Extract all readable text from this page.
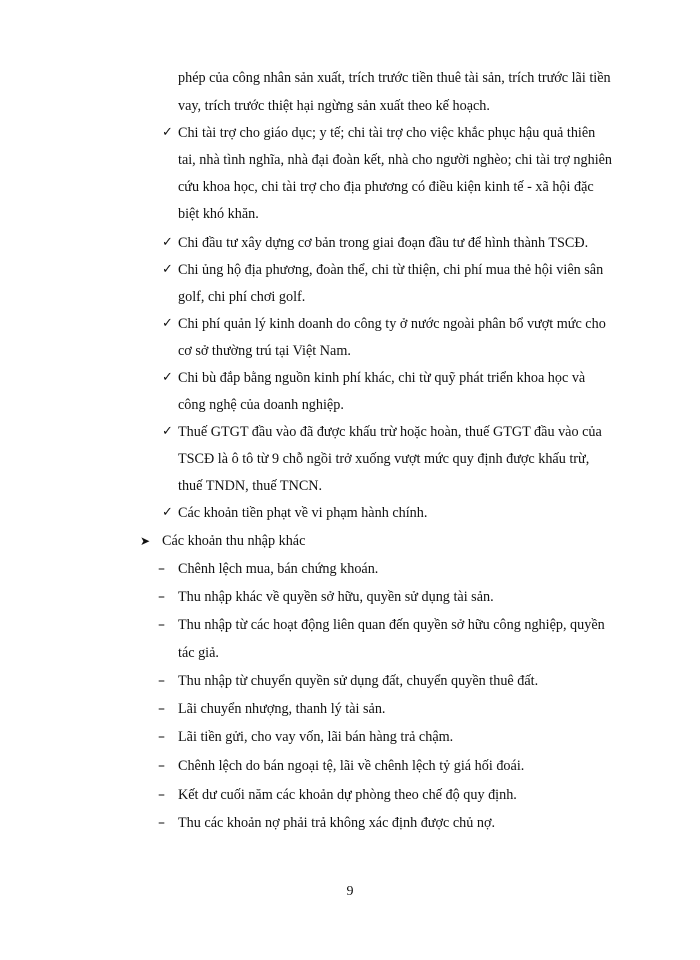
phép của công nhân sản xuất, trích trước tiền thuê tài sản, trích trước lãi tiền
vay, trích trước thiệt hại ngừng sản xuất theo kế hoạch.
✓ Chi tài trợ cho giáo dục; y tế; chi tài trợ cho việc khắc phục hậu quả thiên
tai, nhà tình nghĩa, nhà đại đoàn kết, nhà cho người nghèo; chi tài trợ nghiên
cứu khoa học, chi tài trợ cho địa phương có điều kiện kinh tế - xã hội đặc
biệt khó khăn.
✓ Chi đầu tư xây dựng cơ bản trong giai đoạn đầu tư để hình thành TSCĐ.
✓ Chi ủng hộ địa phương, đoàn thể, chi từ thiện, chi phí mua thẻ hội viên sân
golf, chi phí chơi golf.
✓ Chi phí quản lý kinh doanh do công ty ở nước ngoài phân bổ vượt mức cho
cơ sở thường trú tại Việt Nam.
✓ Chi bù đắp bằng nguồn kinh phí khác, chi từ quỹ phát triển khoa học và
công nghệ của doanh nghiệp.
✓ Thuế GTGT đầu vào đã được khấu trừ hoặc hoàn, thuế GTGT đầu vào của
TSCĐ là ô tô từ 9 chỗ ngồi trở xuống vượt mức quy định được khấu trừ,
thuế TNDN, thuế TNCN.
✓ Các khoản tiền phạt về vi phạm hành chính.
➤ Các khoản thu nhập khác
– Chênh lệch mua, bán chứng khoán.
– Thu nhập khác về quyền sở hữu, quyền sử dụng tài sản.
– Thu nhập từ các hoạt động liên quan đến quyền sở hữu công nghiệp, quyền
tác giả.
– Thu nhập từ chuyển quyền sử dụng đất, chuyển quyền thuê đất.
– Lãi chuyển nhượng, thanh lý tài sản.
– Lãi tiền gửi, cho vay vốn, lãi bán hàng trả chậm.
– Chênh lệch do bán ngoại tệ, lãi về chênh lệch tỷ giá hối đoái.
– Kết dư cuối năm các khoản dự phòng theo chế độ quy định.
– Thu các khoản nợ phải trả không xác định được chủ nợ.
9
